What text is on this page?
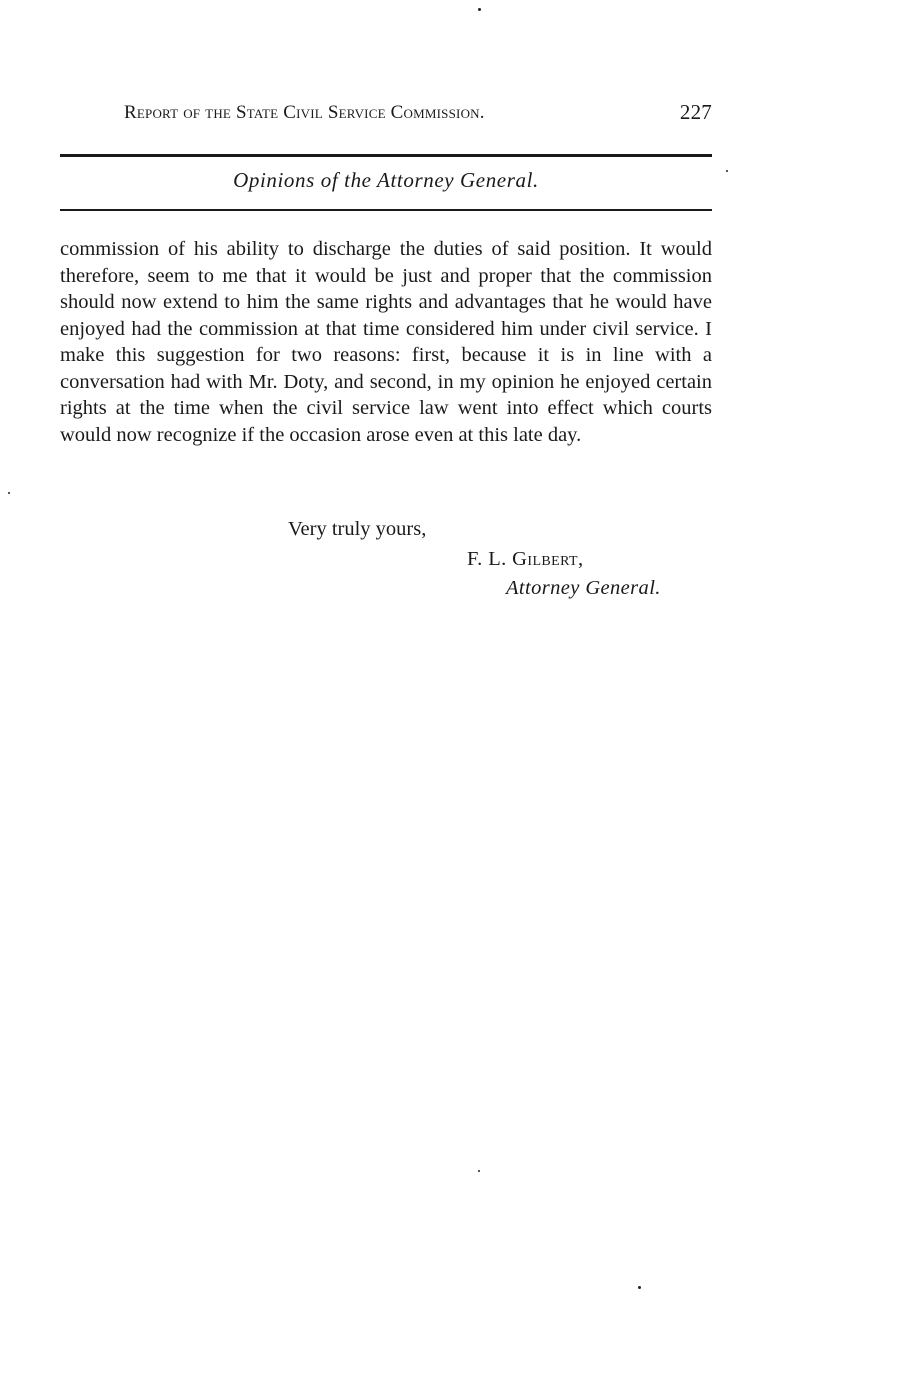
Report of the State Civil Service Commission.	227
Opinions of the Attorney General.

commission of his ability to discharge the duties of said position. It would therefore, seem to me that it would be just and proper that the commission should now extend to him the same rights and advantages that he would have enjoyed had the commission at that time considered him under civil service. I make this suggestion for two reasons: first, because it is in line with a conversation had with Mr. Doty, and second, in my opinion he enjoyed certain rights at the time when the civil service law went into effect which courts would now recognize if the occasion arose even at this late day.

Very truly yours,
F. L. Gilbert,
Attorney General.
